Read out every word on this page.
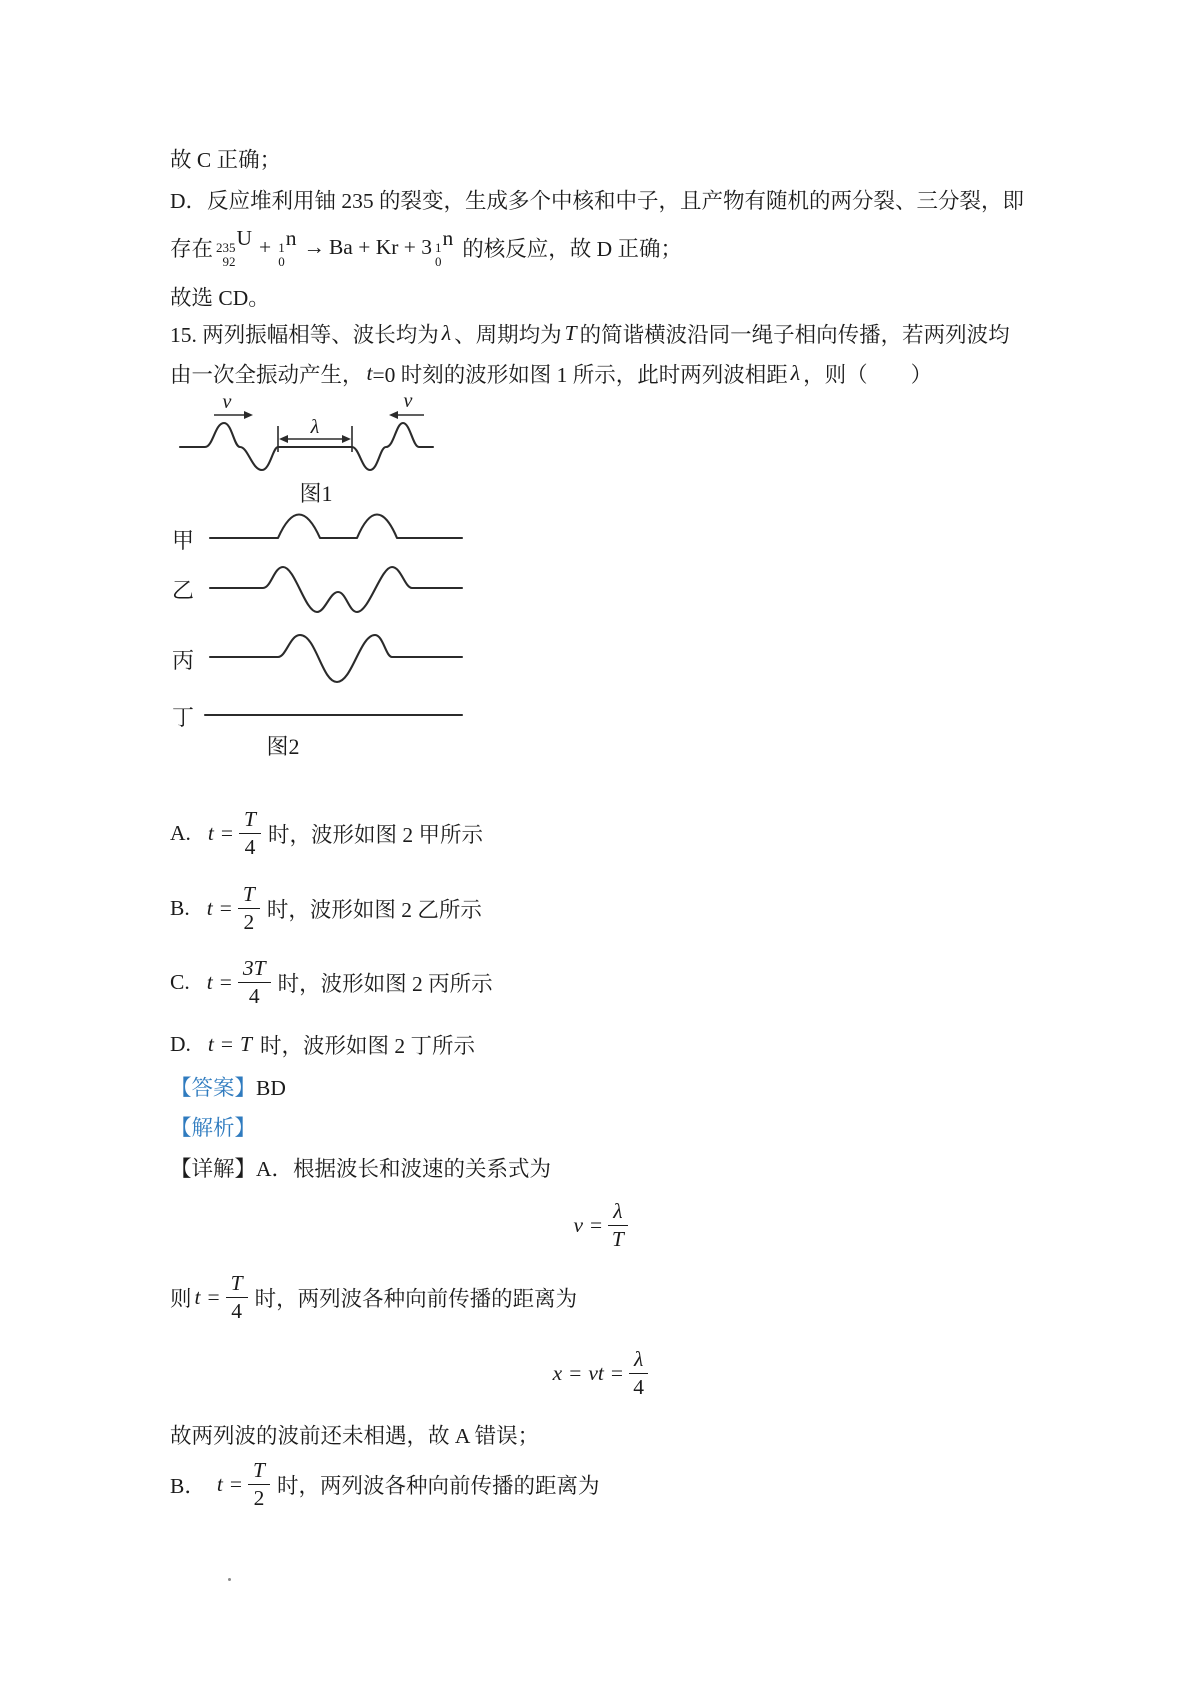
故 C 正确；
D．反应堆利用铀 235 的裂变，生成多个中核和中子，且产物有随机的两分裂、三分裂，即
存在 235
92
U + 1
0
n → Ba + Kr + 3 1
0
n 的核反应，故 D 正确；
故选 CD。
15. 两列振幅相等、波长均为 λ 、周期均为 T 的简谐横波沿同一绳子相向传播，若两列波均
由一次全振动产生， t =0 时刻的波形如图 1 所示，此时两列波相距 λ ，则（　　）
v	v
λ
图1
甲
乙
丙
丁
图2
A. $t = \frac{T}{4}$ 时，波形如图 2 甲所示
B. $t = \frac{T}{2}$ 时，波形如图 2 乙所示
C. $t = \frac{3T}{4}$ 时，波形如图 2 丙所示
D. t = T 时，波形如图 2 丁所示
【答案】BD
【解析】
【详解】A．根据波长和波速的关系式为
$v = \frac{\lambda}{T}$
则 $t = \frac{T}{4}$ 时，两列波各种向前传播的距离为
x = vt = $\frac{\lambda}{4}$
故两列波的波前还未相遇，故 A 错误；
B． $t = \frac{T}{2}$ 时，两列波各种向前传播的距离为
